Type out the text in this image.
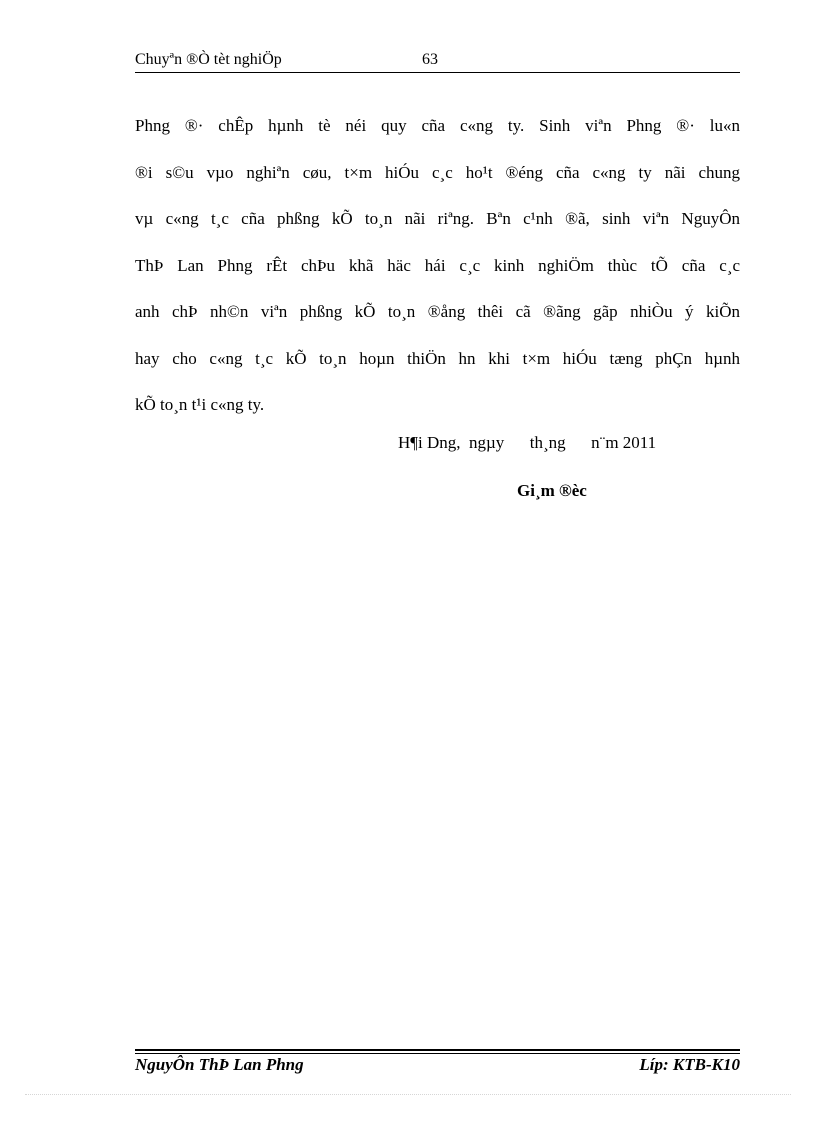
Chuyªn ®Ò tèt nghiÖp	63
Phng ®· chÊp hµnh tè néi quy cña c«ng ty. Sinh viªn Phng ®· lu«n
®i s©u vµo nghiªn cøu, t×m hiÓu c¸c ho¹t ®éng cña c«ng ty nãi chung
vµ c«ng t¸c cña phßng kÕ to¸n nãi riªng. Bªn c¹nh ®ã, sinh viªn NguyÔn
ThÞ Lan Phng rÊt chÞu khã häc hái c¸c kinh nghiÖm thùc tÕ cña c¸c
anh chÞ nh©n viªn phßng kÕ to¸n ®ång thêi cã ®ãng gãp nhiÒu ý kiÕn
hay cho c«ng t¸c kÕ to¸n hoµn thiÖn hn khi t×m hiÓu tæng phÇn hµnh
kÕ to¸n t¹i c«ng ty.
H¶i Dng,  ngµy      th¸ng      n¨m 2011
Gi¸m ®èc
NguyÔn ThÞ Lan Phng	Líp: KTB-K10
